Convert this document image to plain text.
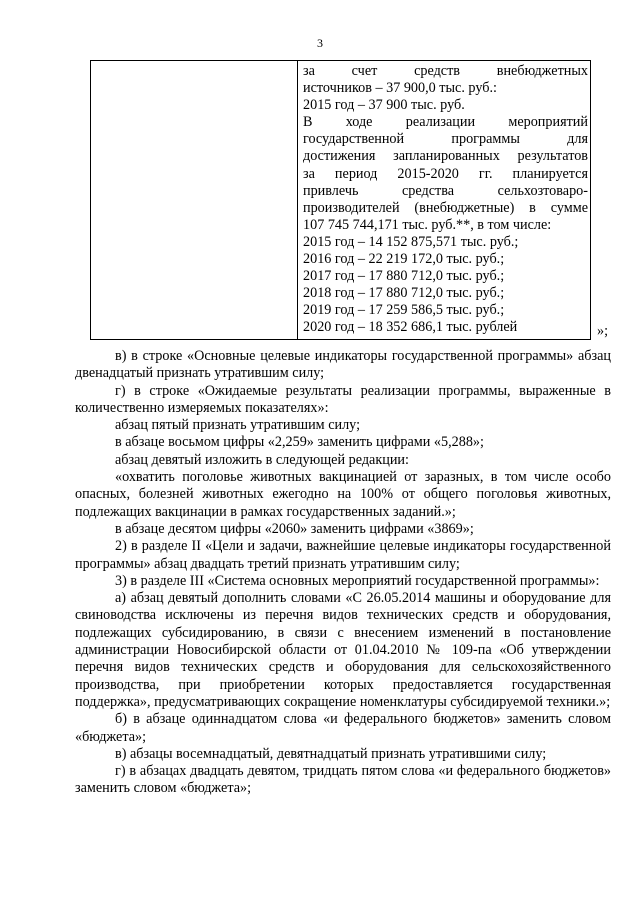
3
за счет средств внебюджетных
источников – 37 900,0 тыс. руб.:
2015 год – 37 900 тыс. руб.
В ходе реализации мероприятий
государственной программы для
достижения запланированных результатов
за период 2015-2020 гг. планируется
привлечь средства сельхозтоваро-
производителей (внебюджетные) в сумме
107 745 744,171 тыс. руб.**, в том числе:
2015 год – 14 152 875,571 тыс. руб.;
2016 год – 22 219 172,0 тыс. руб.;
2017 год – 17 880 712,0 тыс. руб.;
2018 год – 17 880 712,0 тыс. руб.;
2019 год – 17 259 586,5 тыс. руб.;
2020 год – 18 352 686,1 тыс. рублей	»;
в) в строке «Основные целевые индикаторы государственной программы» абзац двенадцатый признать утратившим силу;
г) в строке «Ожидаемые результаты реализации программы, выраженные в количественно измеряемых показателях»:
абзац пятый признать утратившим силу;
в абзаце восьмом цифры «2,259» заменить цифрами «5,288»;
абзац девятый изложить в следующей редакции:
«охватить поголовье животных вакцинацией от заразных, в том числе особо опасных, болезней животных ежегодно на 100% от общего поголовья животных, подлежащих вакцинации в рамках государственных заданий.»;
в абзаце десятом цифры «2060» заменить цифрами «3869»;
2) в разделе II «Цели и задачи, важнейшие целевые индикаторы государственной программы» абзац двадцать третий признать утратившим силу;
3) в разделе III «Система основных мероприятий государственной программы»:
а) абзац девятый дополнить словами «С 26.05.2014 машины и оборудование для свиноводства исключены из перечня видов технических средств и оборудования, подлежащих субсидированию, в связи с внесением изменений в постановление администрации Новосибирской области от 01.04.2010 № 109-па «Об утверждении перечня видов технических средств и оборудования для сельскохозяйственного производства, при приобретении которых предоставляется государственная поддержка», предусматривающих сокращение номенклатуры субсидируемой техники.»;
б) в абзаце одиннадцатом слова «и федерального бюджетов» заменить словом «бюджета»;
в) абзацы восемнадцатый, девятнадцатый признать утратившими силу;
г) в абзацах двадцать девятом, тридцать пятом слова «и федерального бюджетов» заменить словом «бюджета»;
